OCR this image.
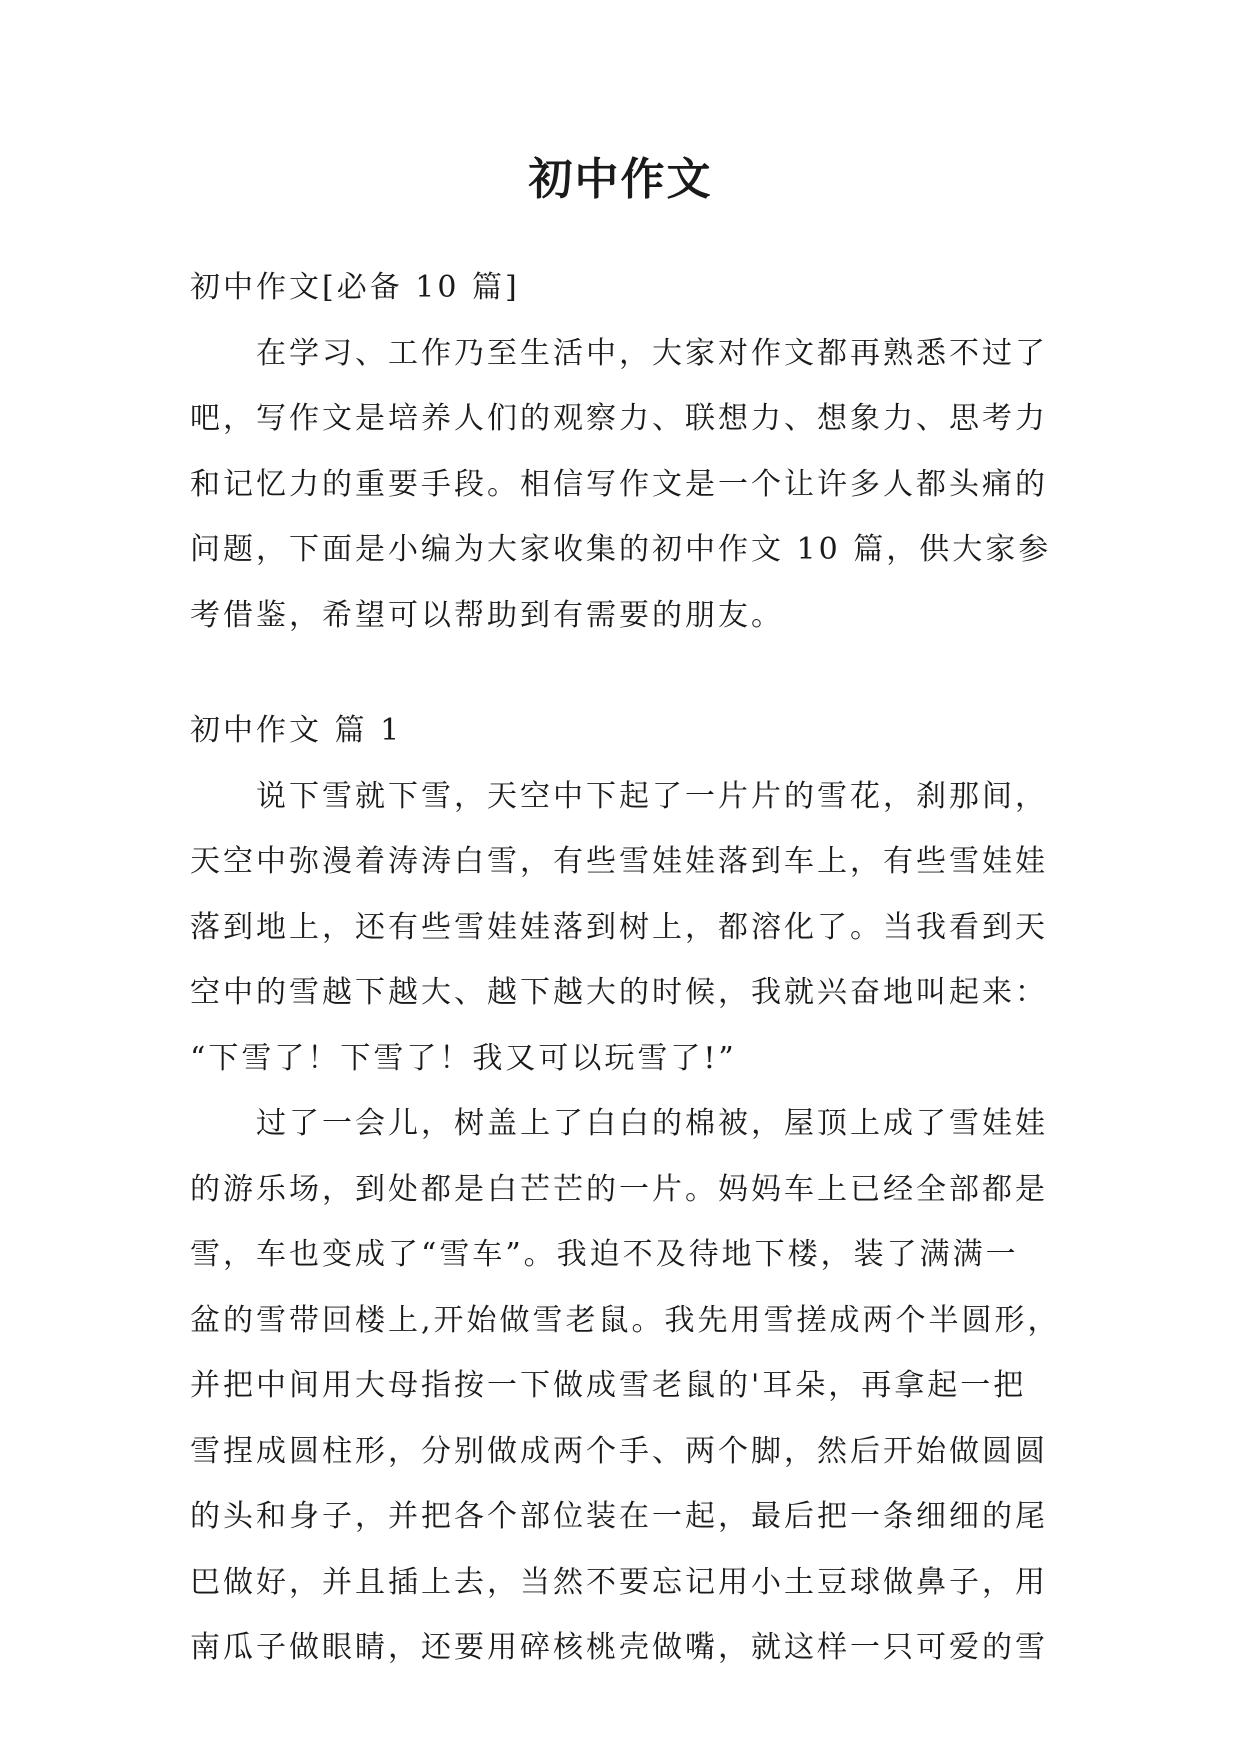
初中作文

初中作文[必备 10 篇]

　　在学习、工作乃至生活中，大家对作文都再熟悉不过了

吧，写作文是培养人们的观察力、联想力、想象力、思考力

和记忆力的重要手段。相信写作文是一个让许多人都头痛的

问题，下面是小编为大家收集的初中作文 10 篇，供大家参

考借鉴，希望可以帮助到有需要的朋友。

初中作文 篇 1

　　说下雪就下雪，天空中下起了一片片的雪花，刹那间，

天空中弥漫着涛涛白雪，有些雪娃娃落到车上，有些雪娃娃

落到地上，还有些雪娃娃落到树上，都溶化了。当我看到天

空中的雪越下越大、越下越大的时候，我就兴奋地叫起来：

“下雪了！下雪了！我又可以玩雪了!”

　　过了一会儿，树盖上了白白的棉被，屋顶上成了雪娃娃

的游乐场，到处都是白芒芒的一片。妈妈车上已经全部都是

雪，车也变成了“雪车”。我迫不及待地下楼，装了满满一

盆的雪带回楼上,开始做雪老鼠。我先用雪搓成两个半圆形，

并把中间用大母指按一下做成雪老鼠的'耳朵，再拿起一把

雪捏成圆柱形，分别做成两个手、两个脚，然后开始做圆圆

的头和身子，并把各个部位装在一起，最后把一条细细的尾

巴做好，并且插上去，当然不要忘记用小土豆球做鼻子，用

南瓜子做眼睛，还要用碎核桃壳做嘴，就这样一只可爱的雪
